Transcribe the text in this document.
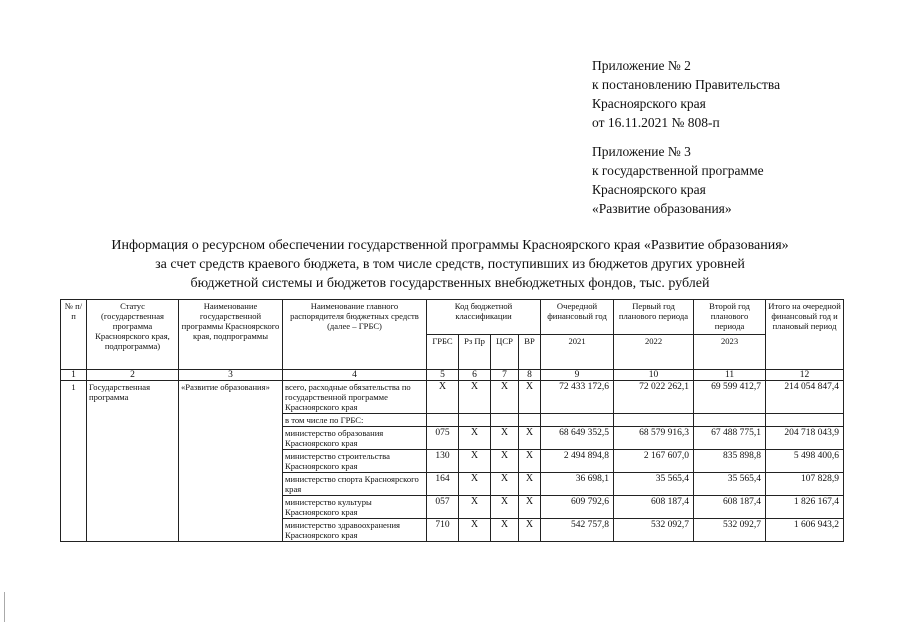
Приложение № 2
к постановлению Правительства
Красноярского края
от 16.11.2021 № 808-п
Приложение № 3
к государственной программе
Красноярского края
«Развитие образования»
Информация о ресурсном обеспечении государственной программы Красноярского края «Развитие образования»
за счет средств краевого бюджета, в том числе средств, поступивших из бюджетов других уровней
бюджетной системы и бюджетов государственных внебюджетных фондов, тыс. рублей
№ п/п	Статус (государственная программа Красноярского края, подпрограмма)	Наименование государственной программы Красноярского края, подпрограммы	Наименование главного распорядителя бюджетных средств (далее – ГРБС)	Код бюджетной классификации				Очередной финансовый год	Первый год планового периода	Второй год планового периода	Итого на очередной финансовый год и плановый период
				ГРБС	Рз Пр	ЦСР	ВР	2021	2022	2023	
1	2	3	4	5	6	7	8	9	10	11	12
1	Государственная программа	«Развитие образования»	всего, расходные обязательства по государственной программе Красноярского края	X	X	X	X	72 433 172,6	72 022 262,1	69 599 412,7	214 054 847,4
			в том числе по ГРБС:								
			министерство образования Красноярского края	075	X	X	X	68 649 352,5	68 579 916,3	67 488 775,1	204 718 043,9
			министерство строительства Красноярского края	130	X	X	X	2 494 894,8	2 167 607,0	835 898,8	5 498 400,6
			министерство спорта Красноярского края	164	X	X	X	36 698,1	35 565,4	35 565,4	107 828,9
			министерство культуры Красноярского края	057	X	X	X	609 792,6	608 187,4	608 187,4	1 826 167,4
			министерство здравоохранения Красноярского края	710	X	X	X	542 757,8	532 092,7	532 092,7	1 606 943,2
